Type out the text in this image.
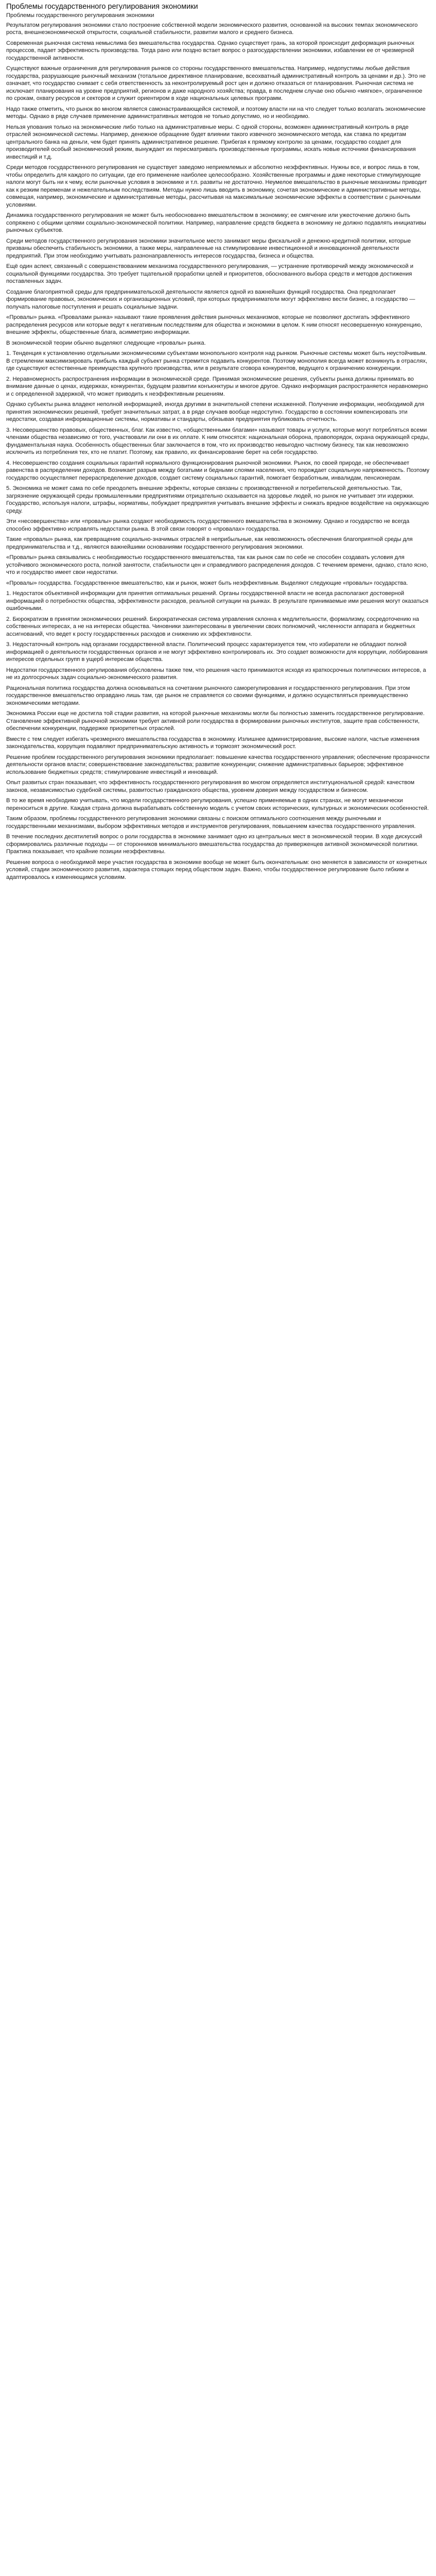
Проблемы государственного регулирования экономики

Проблемы государственного регулирования экономики

Результатом регулирования экономики стало построение собственной модели экономического развития, основанной на высоких темпах экономического роста, внешнеэкономической открытости, социальной стабильности, развитии малого и среднего бизнеса.

Современная рыночная система немыслима без вмешательства государства. Однако существует грань, за которой происходит деформация рыночных процессов, падает эффективность производства. Тогда рано или поздно встает вопрос о разгосударствлении экономики, избавлении ее от чрезмерной государственной активности.

Существуют важные ограничения для регулирования рынков со стороны государственного вмешательства. Например, недопустимы любые действия государства, разрушающие рыночный механизм (тотальное директивное планирование, всеохватный административный контроль за ценами и др.). Это не означает, что государство снимает с себя ответственность за неконтролируемый рост цен и должно отказаться от планирования. Рыночная система не исключает планирования на уровне предприятий, регионов и даже народного хозяйства; правда, в последнем случае оно обычно «мягкое», ограниченное по срокам, охвату ресурсов и секторов и служит ориентиром в ходе национальных целевых программ.

Надо также отметить, что рынок во многом является самонастраивающейся системой, и поэтому власти ни на что следует только возлагать экономические методы. Однако в ряде случаев применение административных методов не только допустимо, но и необходимо.

Нельзя упования только на экономические либо только на административные меры. С одной стороны, возможен административный контроль в ряде отраслей экономической системы. Например, денежное обращение будет влиянии такого извечного экономического метода, как ставка по кредитам центрального банка на деньги, чем будет принять административное решение. Прибегая к прямому контролю за ценами, государство создает для производителей особый экономический режим, вынуждает их пересматривать производственные программы, искать новые источники финансирования инвестиций и т.д.

Среди методов государственного регулирования не существует заведомо неприемлемых и абсолютно неэффективных. Нужны все, и вопрос лишь в том, чтобы определить для каждого по ситуации, где его применение наиболее целесообразно. Хозяйственные программы и даже некоторые стимулирующие налоги могут быть ни к чему, если рыночные условия в экономике и т.п. развиты не достаточно. Неумелое вмешательство в рыночные механизмы приводит как к резким переменам и нежелательным последствиям. Методы нужно лишь вводить в экономику, сочетая экономические и административные методы, совмещая, например, экономические и административные методы, рассчитывая на максимальные экономические эффекты в соответствии с рыночными условиями.

Динамика государственного регулирования не может быть необоснованно вмешательством в экономику; ее смягчение или ужесточение должно быть сопряжено с общими целями социально-экономической политики. Например, направление средств бюджета в экономику не должно подавлять инициативы рыночных субъектов.

Среди методов государственного регулирования экономики значительное место занимают меры фискальной и денежно-кредитной политики, которые призваны обеспечить стабильность экономики, а также меры, направленные на стимулирование инвестиционной и инновационной деятельности предприятий. При этом необходимо учитывать разнонаправленность интересов государства, бизнеса и общества.

Ещё один аспект, связанный с совершенствованием механизма государственного регулирования, — устранение противоречий между экономической и социальной функциями государства. Это требует тщательной проработки целей и приоритетов, обоснованного выбора средств и методов достижения поставленных задач.

Создание благоприятной среды для предпринимательской деятельности является одной из важнейших функций государства. Она предполагает формирование правовых, экономических и организационных условий, при которых предприниматели могут эффективно вести бизнес, а государство — получать налоговые поступления и решать социальные задачи.

«Провалы» рынка. «Провалами рынка» называют такие проявления действия рыночных механизмов, которые не позволяют достигать эффективного распределения ресурсов или которые ведут к негативным последствиям для общества и экономики в целом. К ним относят несовершенную конкуренцию, внешние эффекты, общественные блага, асимметрию информации.

В экономической теории обычно выделяют следующие «провалы» рынка.

1. Тенденция к установлению отдельными экономическими субъектами монопольного контроля над рынком. Рыночные системы может быть неустойчивым. В стремлении максимизировать прибыль каждый субъект рынка стремится подавить конкурентов. Поэтому монополия всегда может возникнуть в отраслях, где существуют естественные преимущества крупного производства, или в результате сговора конкурентов, ведущего к ограничению конкуренции.

2. Неравномерность распространения информации в экономической среде. Принимая экономические решения, субъекты рынка должны принимать во внимание данные о ценах, издержках, конкурентах, будущем развитии конъюнктуры и многое другое. Однако информация распространяется неравномерно и с определенной задержкой, что может приводить к неэффективным решениям.

Однако субъекты рынка владеют неполной информацией, иногда другими в значительной степени искаженной. Получение информации, необходимой для принятия экономических решений, требует значительных затрат, а в ряде случаев вообще недоступно. Государство в состоянии компенсировать эти недостатки, создавая информационные системы, нормативы и стандарты, обязывая предприятия публиковать отчетность.

3. Несовершенство правовых, общественных, благ. Как известно, «общественными благами» называют товары и услуги, которые могут потребляться всеми членами общества независимо от того, участвовали ли они в их оплате. К ним относятся: национальная оборона, правопорядок, охрана окружающей среды, фундаментальная наука. Особенность общественных благ заключается в том, что их производство невыгодно частному бизнесу, так как невозможно исключить из потребления тех, кто не платит. Поэтому, как правило, их финансирование берет на себя государство.

4. Несовершенство создания социальных гарантий нормального функционирования рыночной экономики. Рынок, по своей природе, не обеспечивает равенства в распределении доходов. Возникает разрыв между богатыми и бедными слоями населения, что порождает социальную напряженность. Поэтому государство осуществляет перераспределение доходов, создает систему социальных гарантий, помогает безработным, инвалидам, пенсионерам.

5. Экономика не может сама по себе преодолеть внешние эффекты, которые связаны с производственной и потребительской деятельностью. Так, загрязнение окружающей среды промышленными предприятиями отрицательно сказывается на здоровье людей, но рынок не учитывает эти издержки. Государство, используя налоги, штрафы, нормативы, побуждает предприятия учитывать внешние эффекты и снижать вредное воздействие на окружающую среду.

Эти «несовершенства» или «провалы» рынка создают необходимость государственного вмешательства в экономику. Однако и государство не всегда способно эффективно исправлять недостатки рынка. В этой связи говорят о «провалах» государства.

Такие «провалы» рынка, как превращение социально-значимых отраслей в неприбыльные, как невозможность обеспечения благоприятной среды для предпринимательства и т.д., являются важнейшими основаниями государственного регулирования экономики.

«Провалы» рынка связывались с необходимостью государственного вмешательства, так как рынок сам по себе не способен создавать условия для устойчивого экономического роста, полной занятости, стабильности цен и справедливого распределения доходов. С течением времени, однако, стало ясно, что и государство имеет свои недостатки.

«Провалы» государства. Государственное вмешательство, как и рынок, может быть неэффективным. Выделяют следующие «провалы» государства.

1. Недостаток объективной информации для принятия оптимальных решений. Органы государственной власти не всегда располагают достоверной информацией о потребностях общества, эффективности расходов, реальной ситуации на рынках. В результате принимаемые ими решения могут оказаться ошибочными.

2. Бюрократизм в принятии экономических решений. Бюрократическая система управления склонна к медлительности, формализму, сосредоточению на собственных интересах, а не на интересах общества. Чиновники заинтересованы в увеличении своих полномочий, численности аппарата и бюджетных ассигнований, что ведет к росту государственных расходов и снижению их эффективности.

3. Недостаточный контроль над органами государственной власти. Политический процесс характеризуется тем, что избиратели не обладают полной информацией о деятельности государственных органов и не могут эффективно контролировать их. Это создает возможности для коррупции, лоббирования интересов отдельных групп в ущерб интересам общества.

Недостатки государственного регулирования обусловлены также тем, что решения часто принимаются исходя из краткосрочных политических интересов, а не из долгосрочных задач социально-экономического развития.

Рациональная политика государства должна основываться на сочетании рыночного саморегулирования и государственного регулирования. При этом государственное вмешательство оправдано лишь там, где рынок не справляется со своими функциями, и должно осуществляться преимущественно экономическими методами.

Экономика России еще не достигла той стадии развития, на которой рыночные механизмы могли бы полностью заменить государственное регулирование. Становление эффективной рыночной экономики требует активной роли государства в формировании рыночных институтов, защите прав собственности, обеспечении конкуренции, поддержке приоритетных отраслей.

Вместе с тем следует избегать чрезмерного вмешательства государства в экономику. Излишнее администрирование, высокие налоги, частые изменения законодательства, коррупция подавляют предпринимательскую активность и тормозят экономический рост.

Решение проблем государственного регулирования экономики предполагает: повышение качества государственного управления; обеспечение прозрачности деятельности органов власти; совершенствование законодательства; развитие конкуренции; снижение административных барьеров; эффективное использование бюджетных средств; стимулирование инвестиций и инноваций.

Опыт развитых стран показывает, что эффективность государственного регулирования во многом определяется институциональной средой: качеством законов, независимостью судебной системы, развитостью гражданского общества, уровнем доверия между государством и бизнесом.

В то же время необходимо учитывать, что модели государственного регулирования, успешно применяемые в одних странах, не могут механически переноситься в другие. Каждая страна должна вырабатывать собственную модель с учетом своих исторических, культурных и экономических особенностей.

Таким образом, проблемы государственного регулирования экономики связаны с поиском оптимального соотношения между рыночными и государственными механизмами, выбором эффективных методов и инструментов регулирования, повышением качества государственного управления.

В течение последних десятилетий вопрос о роли государства в экономике занимает одно из центральных мест в экономической теории. В ходе дискуссий сформировались различные подходы — от сторонников минимального вмешательства государства до приверженцев активной экономической политики. Практика показывает, что крайние позиции неэффективны.

Решение вопроса о необходимой мере участия государства в экономике вообще не может быть окончательным: оно меняется в зависимости от конкретных условий, стадии экономического развития, характера стоящих перед обществом задач. Важно, чтобы государственное регулирование было гибким и адаптировалось к изменяющимся условиям.
